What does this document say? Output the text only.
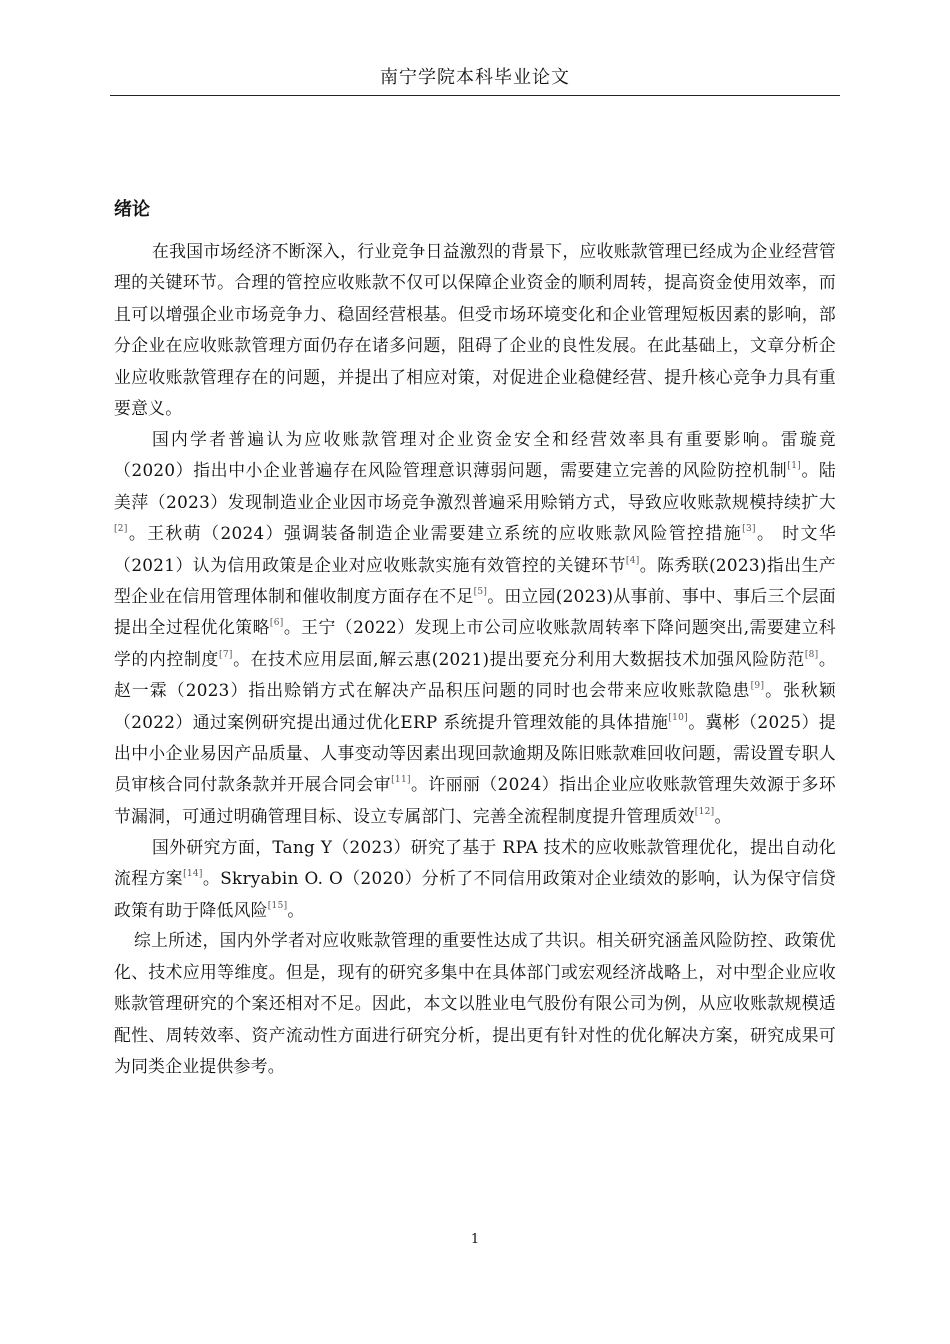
南宁学院本科毕业论文
绪论

在我国市场经济不断深入，行业竞争日益激烈的背景下，应收账款管理已经成为企业经营管理的关键环节。合理的管控应收账款不仅可以保障企业资金的顺利周转，提高资金使用效率，而且可以增强企业市场竞争力、稳固经营根基。但受市场环境变化和企业管理短板因素的影响，部分企业在应收账款管理方面仍存在诸多问题，阻碍了企业的良性发展。在此基础上，文章分析企业应收账款管理存在的问题，并提出了相应对策，对促进企业稳健经营、提升核心竞争力具有重要意义。

国内学者普遍认为应收账款管理对企业资金安全和经营效率具有重要影响。雷璇竟（2020）指出中小企业普遍存在风险管理意识薄弱问题，需要建立完善的风险防控机制[1]。陆美萍（2023）发现制造业企业因市场竞争激烈普遍采用赊销方式，导致应收账款规模持续扩大[2]。王秋萌（2024）强调装备制造企业需要建立系统的应收账款风险管控措施[3]。 时文华（2021）认为信用政策是企业对应收账款实施有效管控的关键环节[4]。陈秀联(2023)指出生产型企业在信用管理体制和催收制度方面存在不足[5]。田立园(2023)从事前、事中、事后三个层面提出全过程优化策略[6]。王宁（2022）发现上市公司应收账款周转率下降问题突出,需要建立科学的内控制度[7]。在技术应用层面,解云惠(2021)提出要充分利用大数据技术加强风险防范[8]。赵一霖（2023）指出赊销方式在解决产品积压问题的同时也会带来应收账款隐患[9]。张秋颖（2022）通过案例研究提出通过优化ERP 系统提升管理效能的具体措施[10]。冀彬（2025）提出中小企业易因产品质量、人事变动等因素出现回款逾期及陈旧账款难回收问题，需设置专职人员审核合同付款条款并开展合同会审[11]。许丽丽（2024）指出企业应收账款管理失效源于多环节漏洞，可通过明确管理目标、设立专属部门、完善全流程制度提升管理质效[12]。

国外研究方面，Tang Y（2023）研究了基于 RPA 技术的应收账款管理优化，提出自动化流程方案[14]。Skryabin O. O（2020）分析了不同信用政策对企业绩效的影响，认为保守信贷政策有助于降低风险[15]。

综上所述，国内外学者对应收账款管理的重要性达成了共识。相关研究涵盖风险防控、政策优化、技术应用等维度。但是，现有的研究多集中在具体部门或宏观经济战略上，对中型企业应收账款管理研究的个案还相对不足。因此，本文以胜业电气股份有限公司为例，从应收账款规模适配性、周转效率、资产流动性方面进行研究分析，提出更有针对性的优化解决方案，研究成果可为同类企业提供参考。

1
